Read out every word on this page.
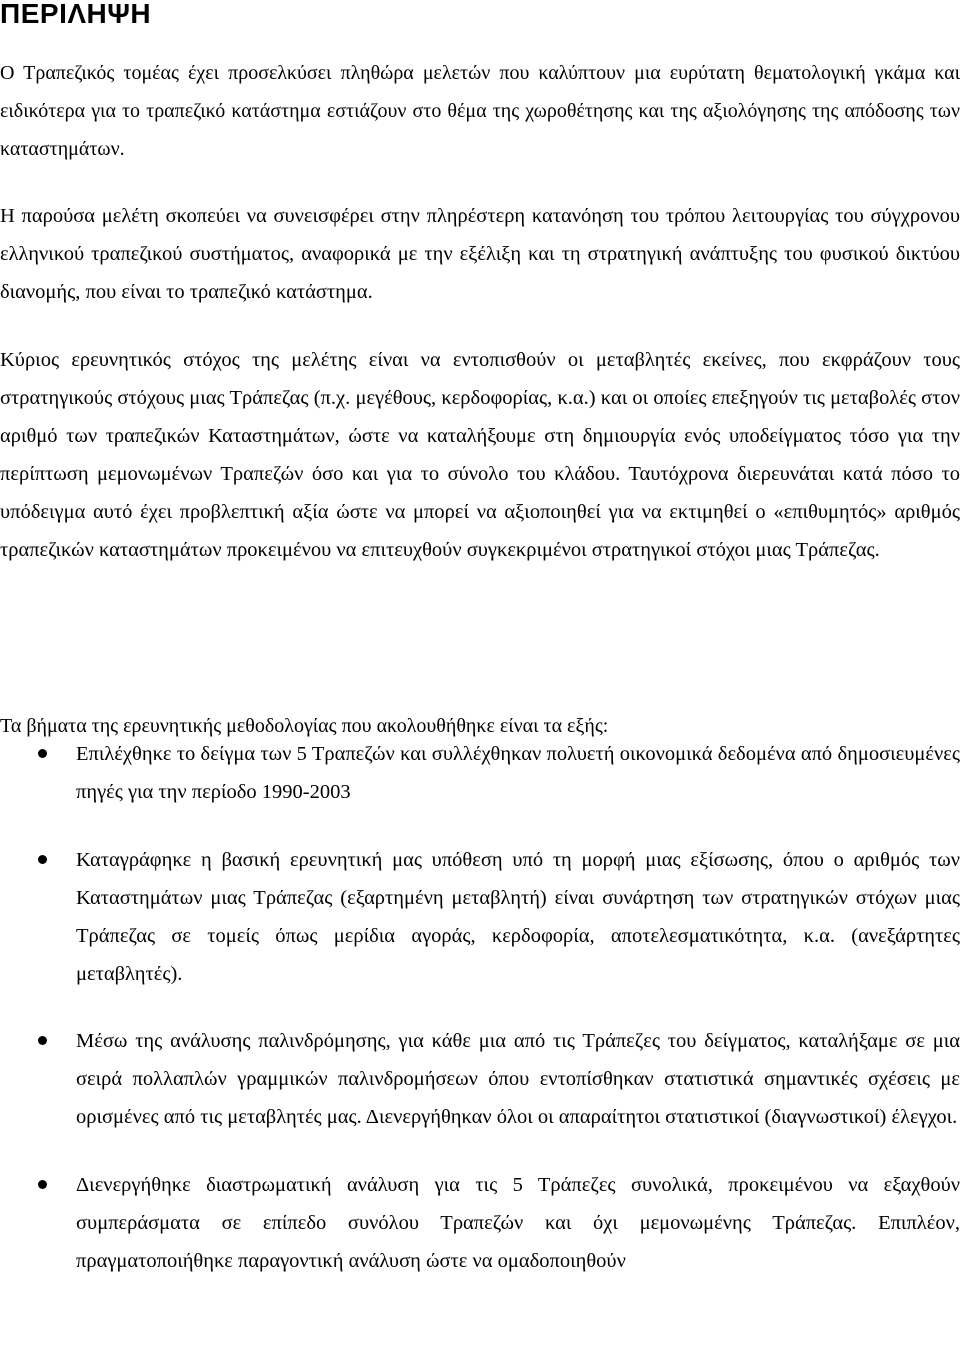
ΠΕΡΙΛΗΨΗ

Ο Τραπεζικός τομέας έχει προσελκύσει πληθώρα μελετών που καλύπτουν μια ευρύτατη θεματολογική γκάμα και ειδικότερα για το τραπεζικό κατάστημα εστιάζουν στο θέμα της χωροθέτησης και της αξιολόγησης της απόδοσης των καταστημάτων.

Η παρούσα μελέτη σκοπεύει να συνεισφέρει στην πληρέστερη κατανόηση του τρόπου λειτουργίας του σύγχρονου ελληνικού τραπεζικού συστήματος, αναφορικά με την εξέλιξη και τη στρατηγική ανάπτυξης του φυσικού δικτύου διανομής, που είναι το τραπεζικό κατάστημα.

Κύριος ερευνητικός στόχος της μελέτης είναι να εντοπισθούν οι μεταβλητές εκείνες, που εκφράζουν τους στρατηγικούς στόχους μιας Τράπεζας (π.χ. μεγέθους, κερδοφορίας, κ.α.) και οι οποίες επεξηγούν τις μεταβολές στον αριθμό των τραπεζικών Καταστημάτων, ώστε να καταλήξουμε στη δημιουργία ενός υποδείγματος τόσο για την περίπτωση μεμονωμένων Τραπεζών όσο και για το σύνολο του κλάδου. Ταυτόχρονα διερευνάται κατά πόσο το υπόδειγμα αυτό έχει προβλεπτική αξία ώστε να μπορεί να αξιοποιηθεί για να εκτιμηθεί ο «επιθυμητός» αριθμός τραπεζικών καταστημάτων προκειμένου να επιτευχθούν συγκεκριμένοι στρατηγικοί στόχοι μιας Τράπεζας.

Τα βήματα της ερευνητικής μεθοδολογίας που ακολουθήθηκε είναι τα εξής:

Επιλέχθηκε το δείγμα των 5 Τραπεζών και συλλέχθηκαν πολυετή οικονομικά δεδομένα από δημοσιευμένες πηγές για την περίοδο 1990-2003
Καταγράφηκε η βασική ερευνητική μας υπόθεση υπό τη μορφή μιας εξίσωσης, όπου ο αριθμός των Καταστημάτων μιας Τράπεζας (εξαρτημένη μεταβλητή) είναι συνάρτηση των στρατηγικών στόχων μιας Τράπεζας σε τομείς όπως μερίδια αγοράς, κερδοφορία, αποτελεσματικότητα, κ.α. (ανεξάρτητες μεταβλητές).
Μέσω της ανάλυσης παλινδρόμησης, για κάθε μια από τις Τράπεζες του δείγματος, καταλήξαμε σε μια σειρά πολλαπλών γραμμικών παλινδρομήσεων όπου εντοπίσθηκαν στατιστικά σημαντικές σχέσεις με ορισμένες από τις μεταβλητές μας. Διενεργήθηκαν όλοι οι απαραίτητοι στατιστικοί (διαγνωστικοί) έλεγχοι.
Διενεργήθηκε διαστρωματική ανάλυση για τις 5 Τράπεζες συνολικά, προκειμένου να εξαχθούν συμπεράσματα σε επίπεδο συνόλου Τραπεζών και όχι μεμονωμένης Τράπεζας. Επιπλέον, πραγματοποιήθηκε παραγοντική ανάλυση ώστε να ομαδοποιηθούν
